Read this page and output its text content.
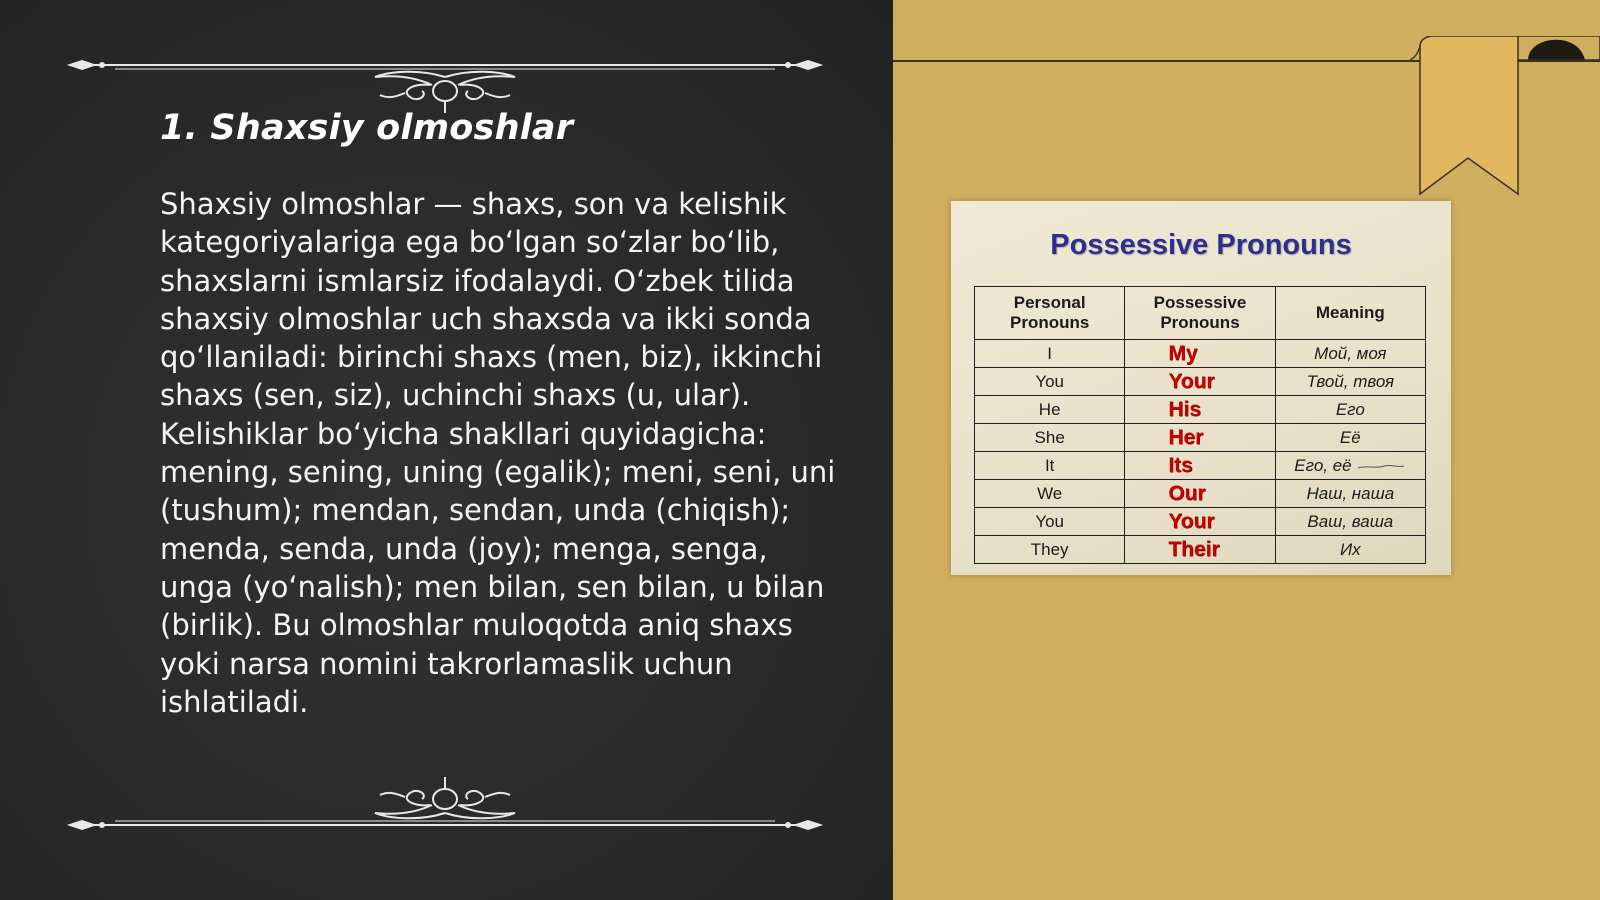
1. Shaxsiy olmoshlar

Shaxsiy olmoshlar — shaxs, son va kelishik kategoriyalariga ega bo‘lgan so‘zlar bo‘lib, shaxslarni ismlarsiz ifodalaydi. O‘zbek tilida shaxsiy olmoshlar uch shaxsda va ikki sonda qo‘llaniladi: birinchi shaxs (men, biz), ikkinchi shaxs (sen, siz), uchinchi shaxs (u, ular). Kelishiklar bo‘yicha shakllari quyidagicha: mening, sening, uning (egalik); meni, seni, uni (tushum); mendan, sendan, unda (chiqish); menda, senda, unda (joy); menga, senga, unga (yo‘nalish); men bilan, sen bilan, u bilan (birlik). Bu olmoshlar muloqotda aniq shaxs yoki narsa nomini takrorlamaslik uchun ishlatiladi.

Possessive Pronouns
Personal Pronouns	Possessive Pronouns	Meaning
I	My	Мой, моя
You	Your	Твой, твоя
He	His	Его
She	Her	Её
It	Its	Его, её
We	Our	Наш, наша
You	Your	Ваш, ваша
They	Their	Их
